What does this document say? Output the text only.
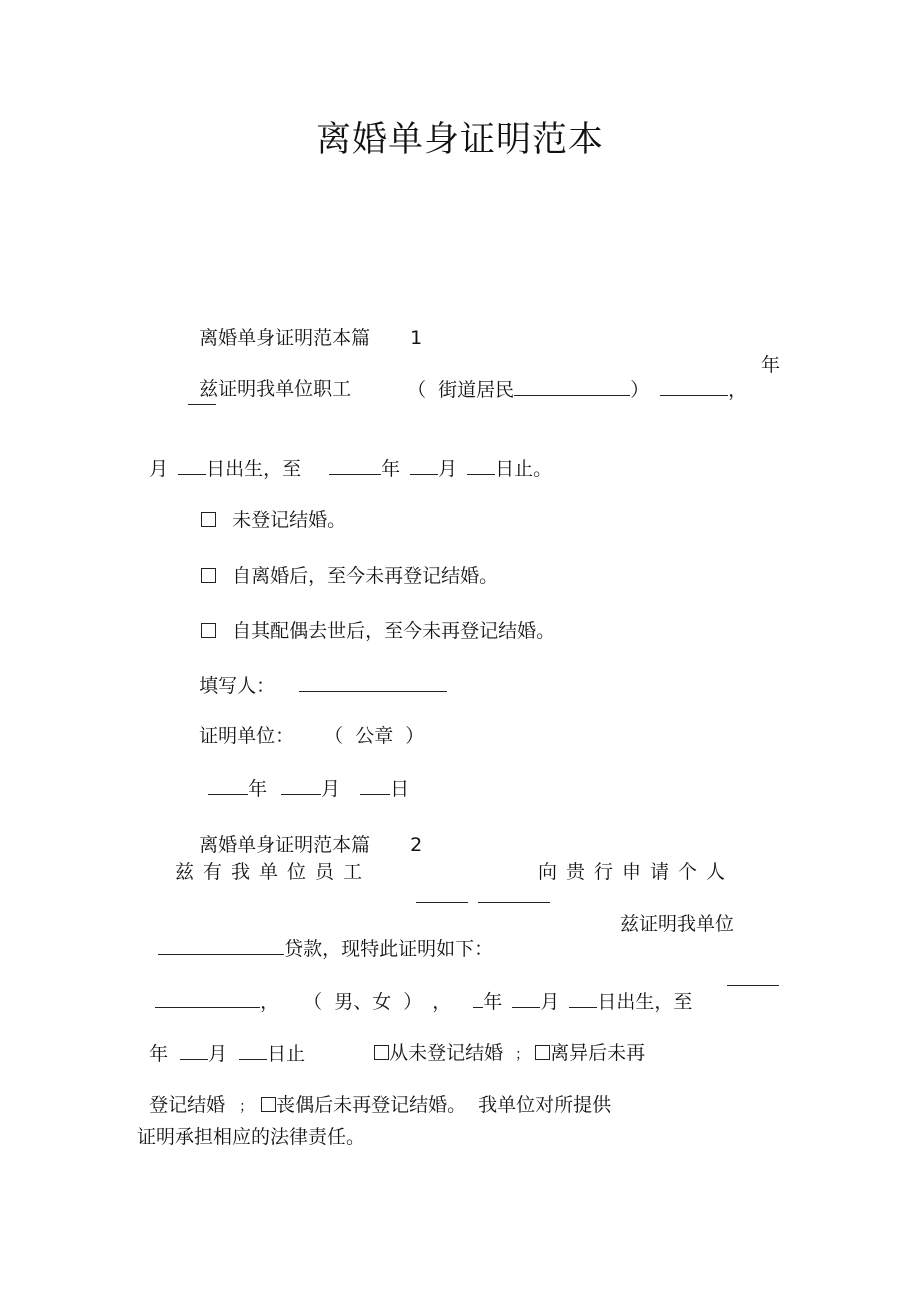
离婚单身证明范本

离婚单身证明范本篇 1

兹证明我单位职工	（  街道居民	）	，

年

月 日出生，至	年 月 日止。

未登记结婚。

自离婚后，至今未再登记结婚。

自其配偶去世后，至今未再登记结婚。

填写人：

证明单位： （  公章  ）

年	月	日

离婚单身证明范本篇 2

兹有我单位员工

	向贵行申请个人

贷款，现特此证明如下：

兹证明我单位

， （  男、女  ） ， 年 月 日出生，至

年 月 日止	从未登记结婚 ； 离异后未再

登记结婚 ； 丧偶后未再登记结婚。 我单位对所提供

证明承担相应的法律责任。
